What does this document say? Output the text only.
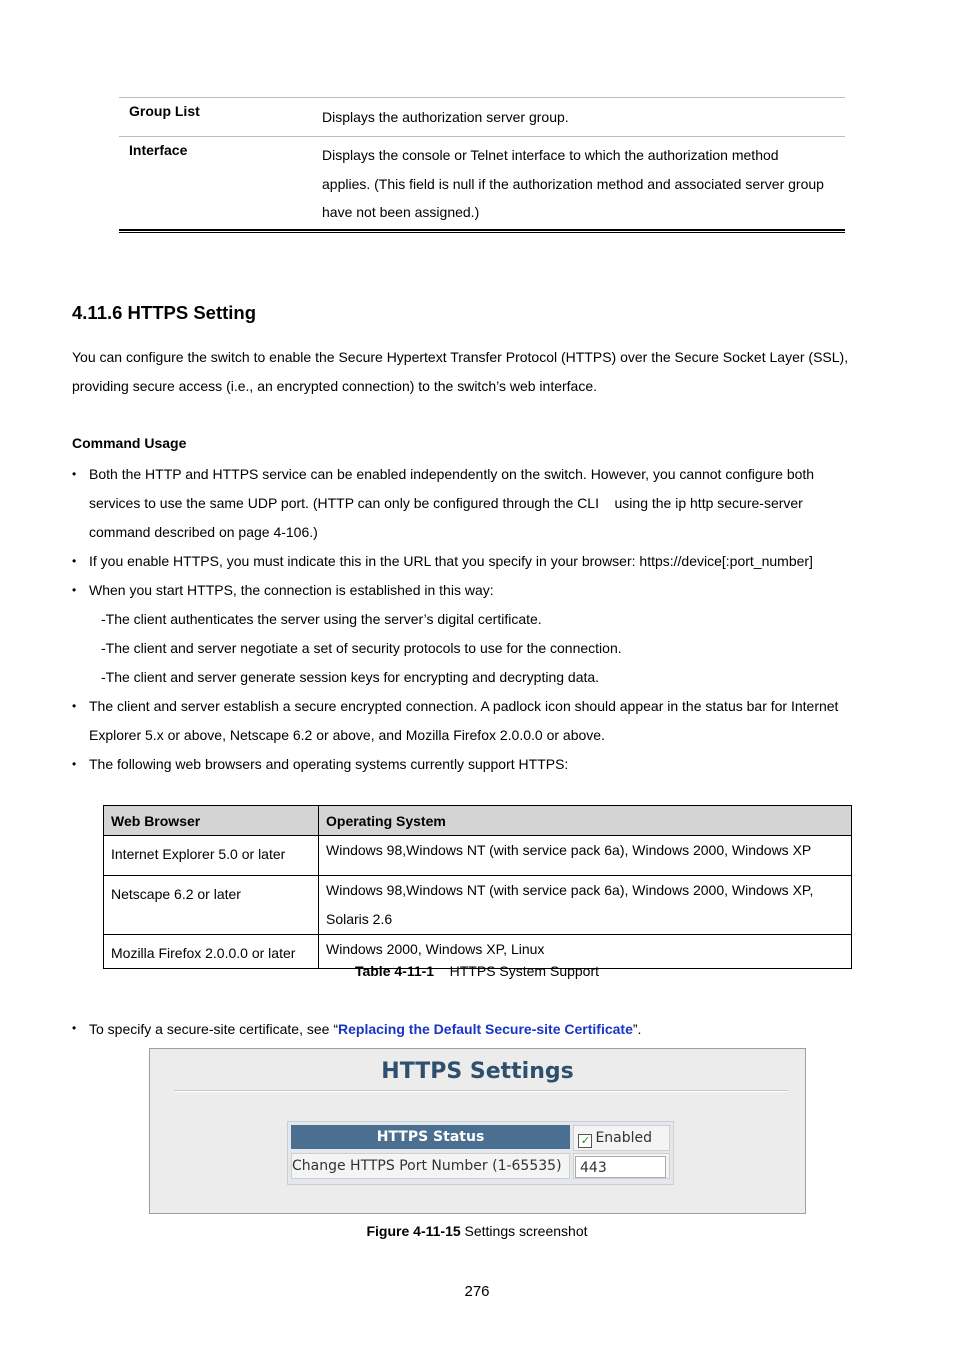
Group List	Displays the authorization server group.
Interface	Displays the console or Telnet interface to which the authorization method
applies. (This field is null if the authorization method and associated server group
have not been assigned.)
4.11.6 HTTPS Setting
You can configure the switch to enable the Secure Hypertext Transfer Protocol (HTTPS) over the Secure Socket Layer (SSL),
providing secure access (i.e., an encrypted connection) to the switch’s web interface.
Command Usage
• Both the HTTP and HTTPS service can be enabled independently on the switch. However, you cannot configure both
services to use the same UDP port. (HTTP can only be configured through the CLI    using the ip http secure-server
command described on page 4-106.)
• If you enable HTTPS, you must indicate this in the URL that you specify in your browser: https://device[:port_number]
• When you start HTTPS, the connection is established in this way:
-The client authenticates the server using the server’s digital certificate.
-The client and server negotiate a set of security protocols to use for the connection.
-The client and server generate session keys for encrypting and decrypting data.
• The client and server establish a secure encrypted connection. A padlock icon should appear in the status bar for Internet
Explorer 5.x or above, Netscape 6.2 or above, and Mozilla Firefox 2.0.0.0 or above.
• The following web browsers and operating systems currently support HTTPS:
Web Browser	Operating System
Internet Explorer 5.0 or later	Windows 98,Windows NT (with service pack 6a), Windows 2000, Windows XP
Netscape 6.2 or later	Windows 98,Windows NT (with service pack 6a), Windows 2000, Windows XP,
Solaris 2.6

Mozilla Firefox 2.0.0.0 or later	Windows 2000, Windows XP, Linux
Table 4-11-1 HTTPS System Support
• To specify a secure-site certificate, see “Replacing the Default Secure-site Certificate”.
HTTPS Settings
HTTPS Status	✓ Enabled
Change HTTPS Port Number (1-65535)	443
Figure 4-11-15 Settings screenshot
276
